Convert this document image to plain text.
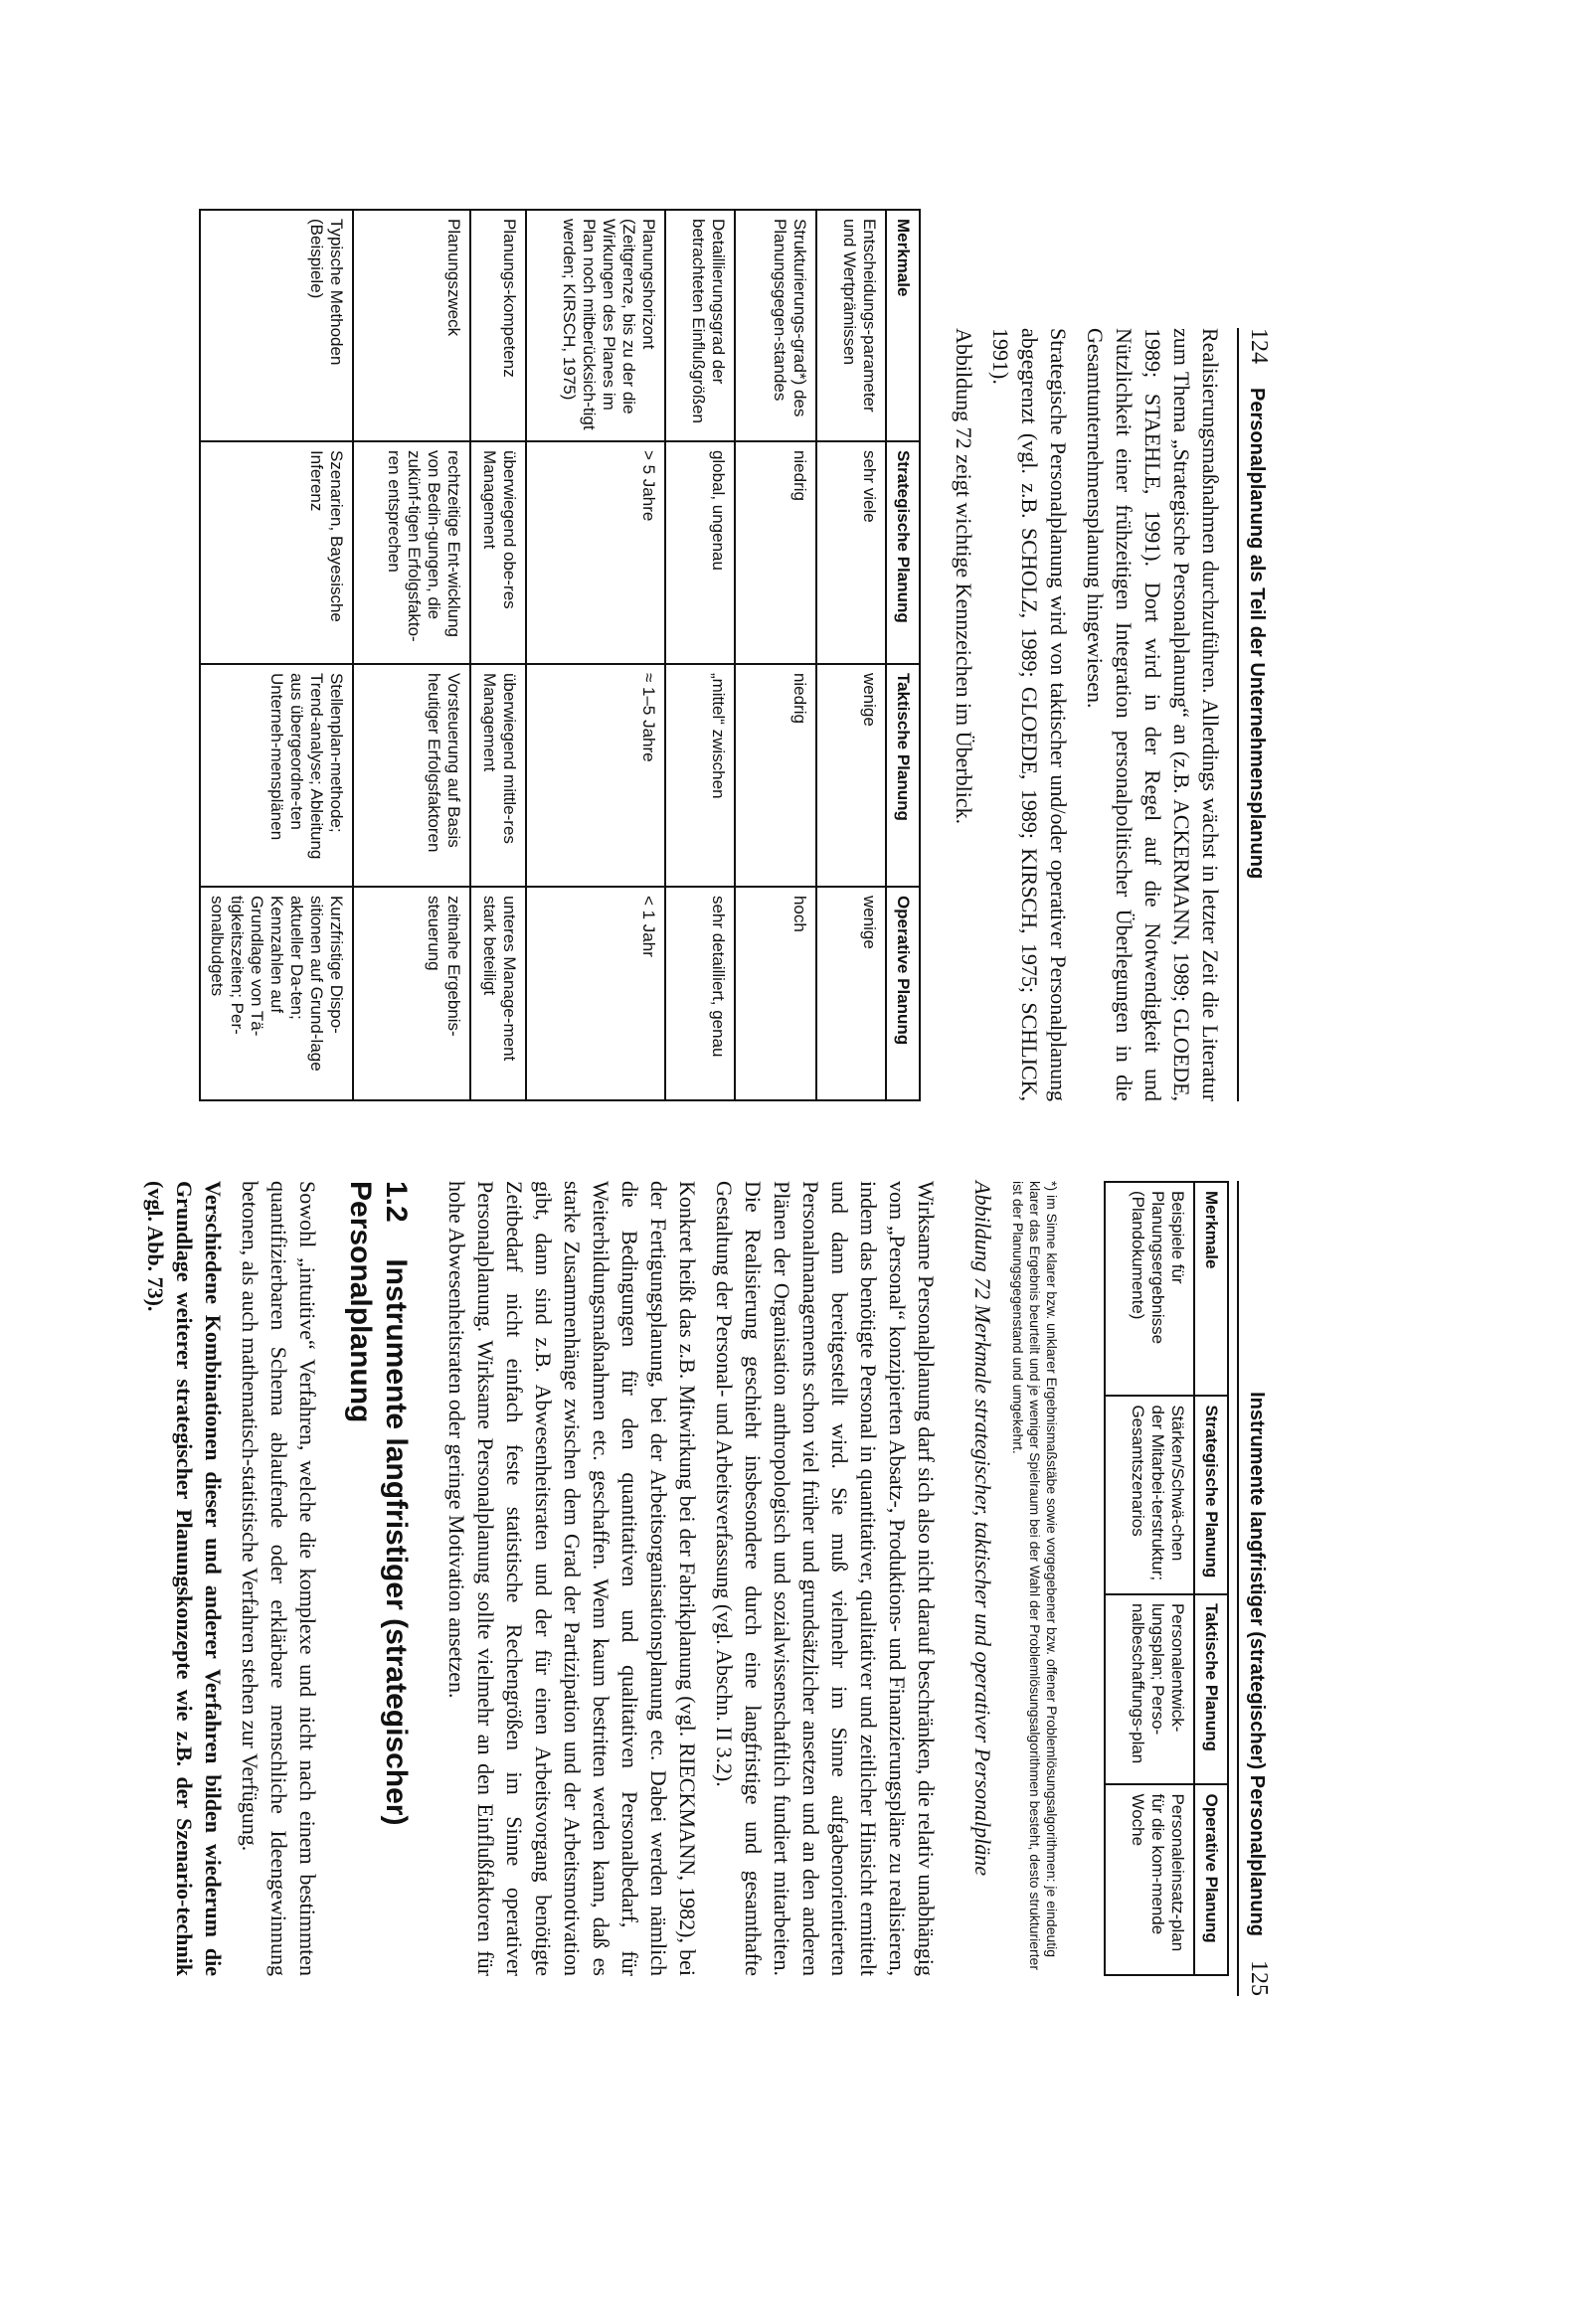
124
Personalplanung als Teil der Unternehmensplanung

Realisierungsmaßnahmen durchzuführen. Allerdings wächst in letzter Zeit die Literatur zum Thema „Strategische Personalplanung“ an (z.B. ACKERMANN, 1989; GLOEDE, 1989; STAEHLE, 1991). Dort wird in der Regel auf die Notwendigkeit und Nützlichkeit einer frühzeitigen Integration personalpolitischer Überlegungen in die Gesamtunternehmensplanung hingewiesen.

Strategische Personalplanung wird von taktischer und/oder operativer Personalplanung abgegrenzt (vgl. z.B. SCHOLZ, 1989; GLOEDE, 1989; KIRSCH, 1975; SCHLICK, 1991).

Abbildung 72 zeigt wichtige Kennzeichen im Überblick.

Merkmale	Strategische Planung	Taktische Planung	Operative Planung
Entscheidungs-parameter und Wertprämissen	sehr viele	wenige	wenige
Strukturierungs-grad*) des Planungsgegen-standes	niedrig	niedrig	hoch
Detaillierungsgrad der betrachteten Einflußgrößen	global, ungenau	„mittel“ zwischen	sehr detailliert, genau
Planungshorizont (Zeitgrenze, bis zu der die Wirkungen des Planes im Plan noch mitberücksich-tigt werden; KIRSCH, 1975)	> 5 Jahre	≈ 1–5 Jahre	< 1 Jahr
Planungs-kompetenz	überwiegend obe-res Management	überwiegend mittle-res Management	unteres Manage-ment stark beteiligt
Planungszweck	rechtzeitige Ent-wicklung von Bedin-gungen, die zukünf-tigen Erfolgsfakto-ren entsprechen	Vorsteuerung auf Basis heutiger Erfolgsfaktoren	zeitnahe Ergebnis-steuerung
Typische Methoden (Beispiele)	Szenarien, Bayesische Inferenz	Stellenplan-methode; Trend-analyse; Ableitung aus übergeordne-ten Unterneh-mensplänen	Kurzfristige Dispo-sitionen auf Grund-lage aktueller Da-ten; Kennzahlen auf Grundlage von Tä-tigkeitszeiten; Per-sonalbudgets
Instrumente langfristiger (strategischer) Personalplanung
125
Merkmale	Strategische Planung	Taktische Planung	Operative Planung
Beispiele für Planungsergebnisse (Plandokumente)	Stärken/Schwä-chen der Mitarbei-terstruktur; Gesamtszenarios	Personalentwick-lungsplan; Perso-nalbeschaffungs-plan	Personaleinsatz-plan für die kom-mende Woche
*) im Sinne klarer bzw. unklarer Ergebnismaßstäbe sowie vorgegebener bzw. offener Problemlösungsalgorithmen: je eindeutig klarer das Ergebnis beurteilt und je weniger Spielraum bei der Wahl der Problemlösungsalgorithmen besteht, desto strukturierter ist der Planungsgegenstand und umgekehrt.
Abbildung 72 Merkmale strategischer, taktischer und operativer Personalpläne

Wirksame Personalplanung darf sich also nicht darauf beschränken, die relativ unabhängig vom „Personal“ konzipierten Absatz-, Produktions- und Finanzierungspläne zu realisieren, indem das benötigte Personal in quantitativer, qualitativer und zeitlicher Hinsicht ermittelt und dann bereitgestellt wird. Sie muß vielmehr im Sinne aufgabenorientierten Personalmanagements schon viel früher und grundsätzlicher ansetzen und an den anderen Plänen der Organisation anthropologisch und sozialwissenschaftlich fundiert mitarbeiten. Die Realisierung geschieht insbesondere durch eine langfristige und gesamthafte Gestaltung der Personal- und Arbeitsverfassung (vgl. Abschn. II 3.2).

Konkret heißt das z.B. Mitwirkung bei der Fabrikplanung (vgl. RIECKMANN, 1982), bei der Fertigungsplanung, bei der Arbeitsorganisationsplanung etc. Dabei werden nämlich die Bedingungen für den quantitativen und qualitativen Personalbedarf, für Weiterbildungsmaßnahmen etc. geschaffen. Wenn kaum bestritten werden kann, daß es starke Zusammenhänge zwischen dem Grad der Partizipation und der Arbeitsmotivation gibt, dann sind z.B. Abwesenheitsraten und der für einen Arbeitsvorgang benötigte Zeitbedarf nicht einfach feste statistische Rechengrößen im Sinne operativer Personalplanung. Wirksame Personalplanung sollte vielmehr an den Einflußfaktoren für hohe Abwesenheitsraten oder geringe Motivation ansetzen.

1.2 Instrumente langfristiger (strategischer) Personalplanung

Sowohl „intuitive“ Verfahren, welche die komplexe und nicht nach einem bestimmten quantifizierbaren Schema ablaufende oder erklärbare menschliche Ideengewinnung betonen, als auch mathematisch-statistische Verfahren stehen zur Verfügung.

Verschiedene Kombinationen dieser und anderer Verfahren bilden wiederum die Grundlage weiterer strategischer Planungskonzepte wie z.B. der Szenario-technik (vgl. Abb. 73).
